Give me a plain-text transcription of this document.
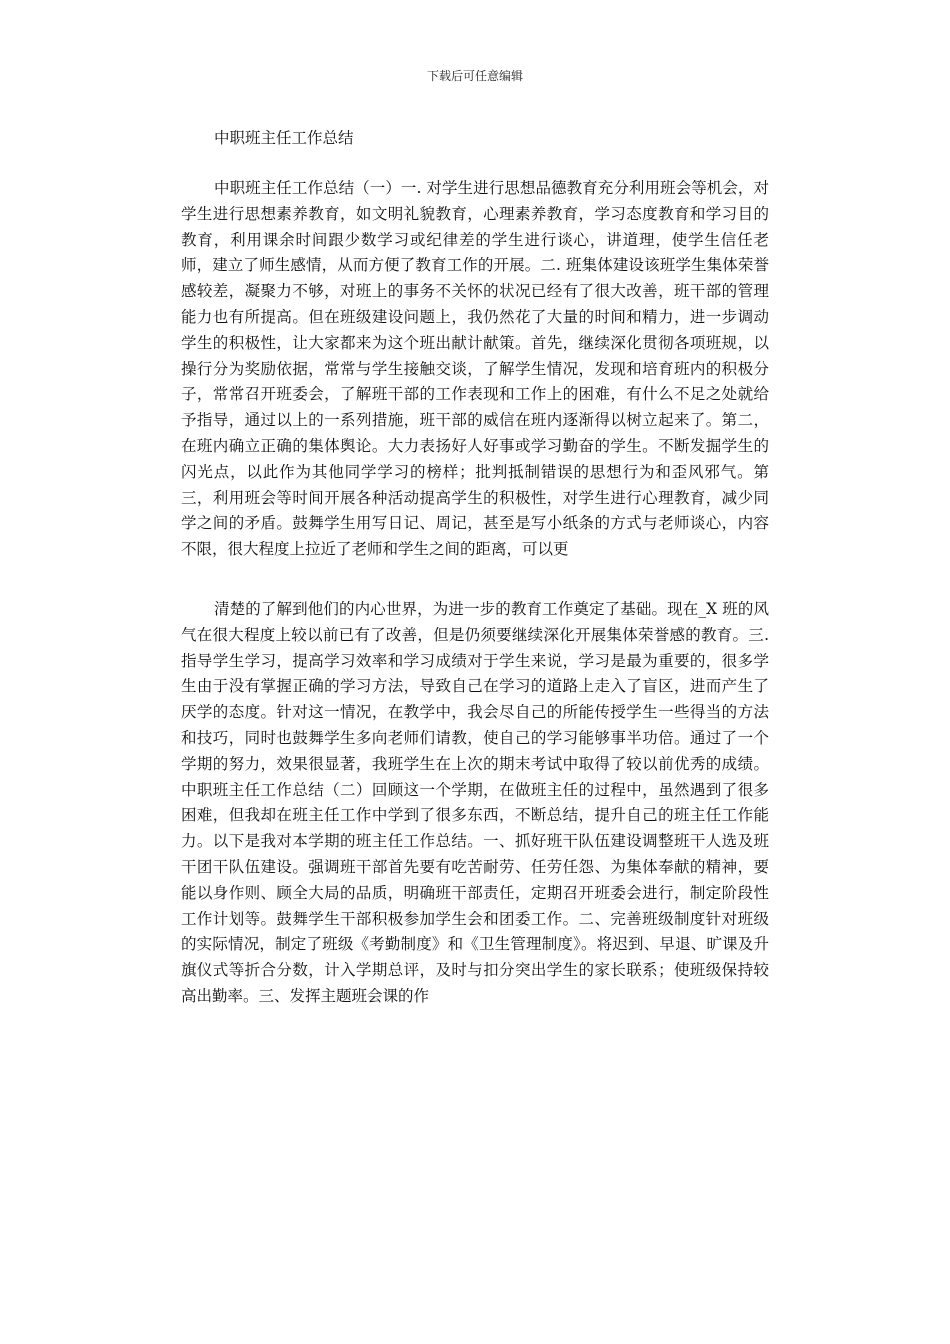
下载后可任意编辑
中职班主任工作总结

中职班主任工作总结（一）一. 对学生进行思想品德教育充分利用班会等机会，对学生进行思想素养教育，如文明礼貌教育，心理素养教育，学习态度教育和学习目的教育，利用课余时间跟少数学习或纪律差的学生进行谈心，讲道理，使学生信任老师，建立了师生感情，从而方便了教育工作的开展。二. 班集体建设该班学生集体荣誉感较差，凝聚力不够，对班上的事务不关怀的状况已经有了很大改善，班干部的管理能力也有所提高。但在班级建设问题上，我仍然花了大量的时间和精力，进一步调动学生的积极性，让大家都来为这个班出献计献策。首先，继续深化贯彻各项班规，以操行分为奖励依据，常常与学生接触交谈，了解学生情况，发现和培育班内的积极分子，常常召开班委会，了解班干部的工作表现和工作上的困难，有什么不足之处就给予指导，通过以上的一系列措施，班干部的威信在班内逐渐得以树立起来了。第二，在班内确立正确的集体舆论。大力表扬好人好事或学习勤奋的学生。不断发掘学生的闪光点，以此作为其他同学学习的榜样；批判抵制错误的思想行为和歪风邪气。第三，利用班会等时间开展各种活动提高学生的积极性，对学生进行心理教育，减少同学之间的矛盾。鼓舞学生用写日记、周记，甚至是写小纸条的方式与老师谈心，内容不限，很大程度上拉近了老师和学生之间的距离，可以更

清楚的了解到他们的内心世界，为进一步的教育工作奠定了基础。现在_X 班的风气在很大程度上较以前已有了改善，但是仍须要继续深化开展集体荣誉感的教育。三. 指导学生学习，提高学习效率和学习成绩对于学生来说，学习是最为重要的，很多学生由于没有掌握正确的学习方法，导致自己在学习的道路上走入了盲区，进而产生了厌学的态度。针对这一情况，在教学中，我会尽自己的所能传授学生一些得当的方法和技巧，同时也鼓舞学生多向老师们请教，使自己的学习能够事半功倍。通过了一个学期的努力，效果很显著，我班学生在上次的期末考试中取得了较以前优秀的成绩。中职班主任工作总结（二）回顾这一个学期，在做班主任的过程中，虽然遇到了很多困难，但我却在班主任工作中学到了很多东西，不断总结，提升自己的班主任工作能力。以下是我对本学期的班主任工作总结。一、抓好班干队伍建设调整班干人选及班干团干队伍建设。强调班干部首先要有吃苦耐劳、任劳任怨、为集体奉献的精神，要能以身作则、顾全大局的品质，明确班干部责任，定期召开班委会进行，制定阶段性工作计划等。鼓舞学生干部积极参加学生会和团委工作。二、完善班级制度针对班级的实际情况，制定了班级《考勤制度》和《卫生管理制度》。将迟到、早退、旷课及升旗仪式等折合分数，计入学期总评，及时与扣分突出学生的家长联系；使班级保持较高出勤率。三、发挥主题班会课的作
